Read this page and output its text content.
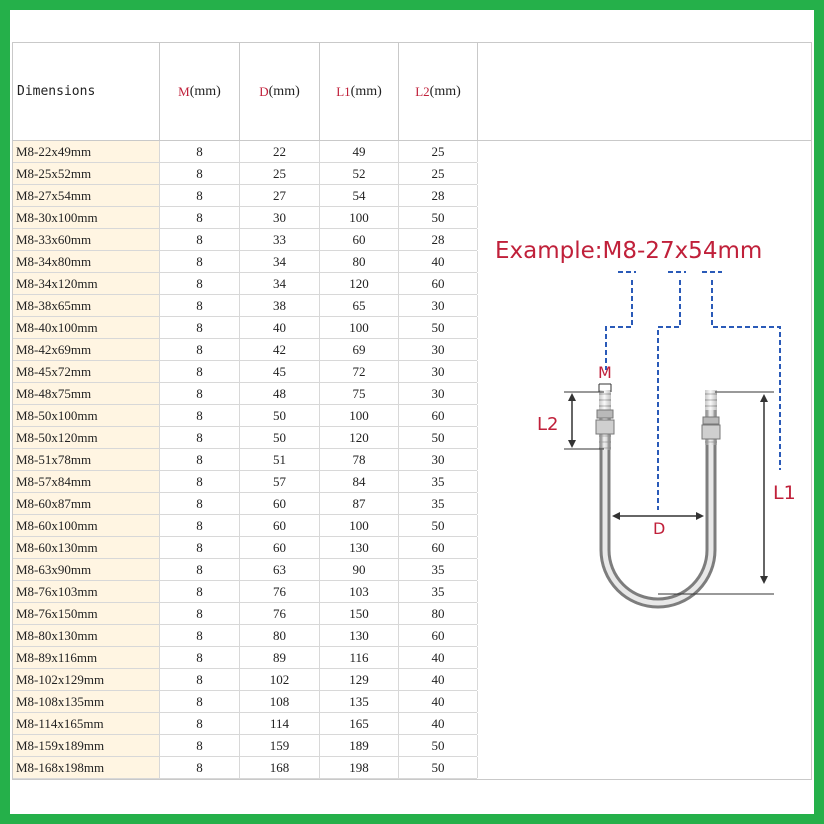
Dimensions	M (mm)	D (mm)	L1 (mm)	L2 (mm)
M8-22x49mm	8	22	49	25
M8-25x52mm	8	25	52	25
M8-27x54mm	8	27	54	28
M8-30x100mm	8	30	100	50
M8-33x60mm	8	33	60	28
M8-34x80mm	8	34	80	40
M8-34x120mm	8	34	120	60
M8-38x65mm	8	38	65	30
M8-40x100mm	8	40	100	50
M8-42x69mm	8	42	69	30
M8-45x72mm	8	45	72	30
M8-48x75mm	8	48	75	30
M8-50x100mm	8	50	100	60
M8-50x120mm	8	50	120	50
M8-51x78mm	8	51	78	30
M8-57x84mm	8	57	84	35
M8-60x87mm	8	60	87	35
M8-60x100mm	8	60	100	50
M8-60x130mm	8	60	130	60
M8-63x90mm	8	63	90	35
M8-76x103mm	8	76	103	35
M8-76x150mm	8	76	150	80
M8-80x130mm	8	80	130	60
M8-89x116mm	8	89	116	40
M8-102x129mm	8	102	129	40
M8-108x135mm	8	108	135	40
M8-114x165mm	8	114	165	40
M8-159x189mm	8	159	189	50
M8-168x198mm	8	168	198	50
Example:M8-27x54mm
M
L2
D
L1
